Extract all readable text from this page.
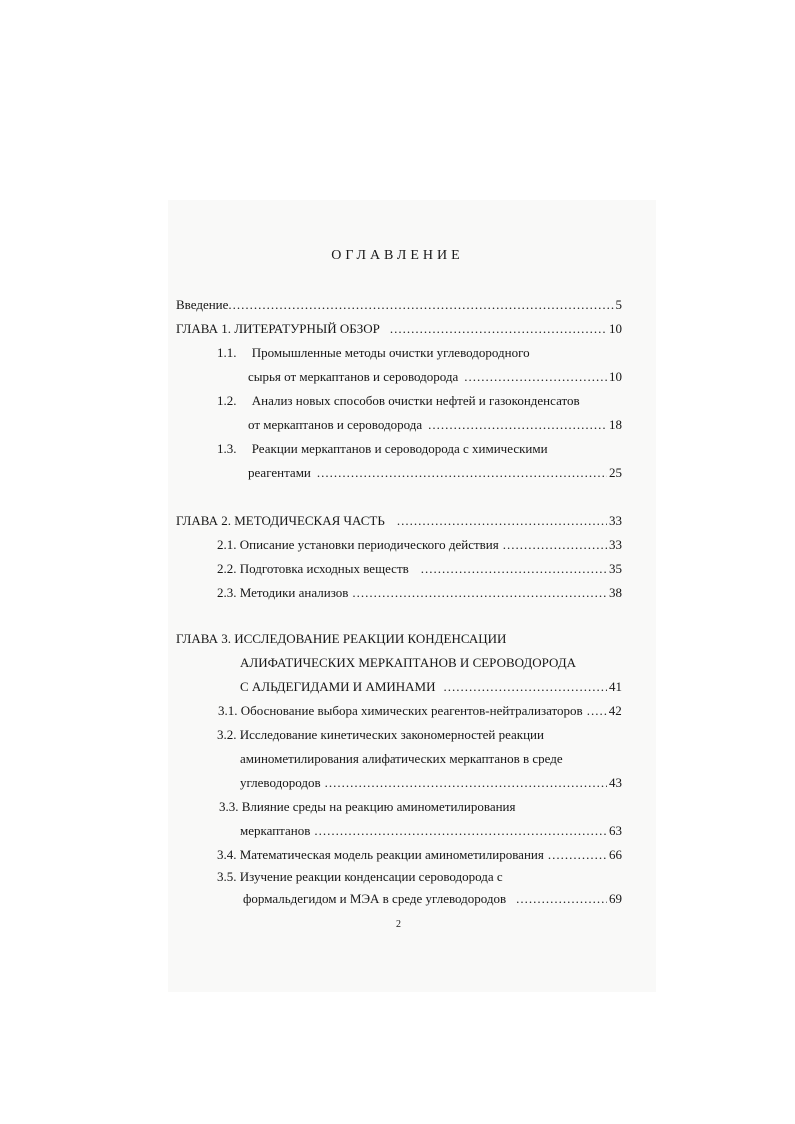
ОГЛАВЛЕНИЕ
Введение .....	5
ГЛАВА 1. ЛИТЕРАТУРНЫЙ ОБЗОР .....	10
1.1. Промышленные методы очистки углеводородного
сырья от меркаптанов и сероводорода .....	10
1.2. Анализ новых способов очистки нефтей и газоконденсатов
от меркаптанов и сероводорода .....	18
1.3. Реакции меркаптанов и сероводорода с химическими
реагентами .....	25
ГЛАВА 2. МЕТОДИЧЕСКАЯ ЧАСТЬ .....	33
2.1. Описание установки периодического действия .....	33
2.2. Подготовка исходных веществ .....	35
2.3. Методики анализов .....	38
ГЛАВА 3. ИССЛЕДОВАНИЕ РЕАКЦИИ КОНДЕНСАЦИИ
АЛИФАТИЧЕСКИХ МЕРКАПТАНОВ И СЕРОВОДОРОДА
С АЛЬДЕГИДАМИ И АМИНАМИ .....	41
3.1. Обоснование выбора химических реагентов-нейтрализаторов ..... 42
3.2. Исследование кинетических закономерностей реакции
аминометилирования алифатических меркаптанов в среде
углеводородов .....	43
3.3. Влияние среды на реакцию аминометилирования
меркаптанов .....	63
3.4. Математическая модель реакции аминометилирования .....	66
3.5. Изучение реакции конденсации сероводорода с
формальдегидом и МЭА в среде углеводородов .....	69
2
